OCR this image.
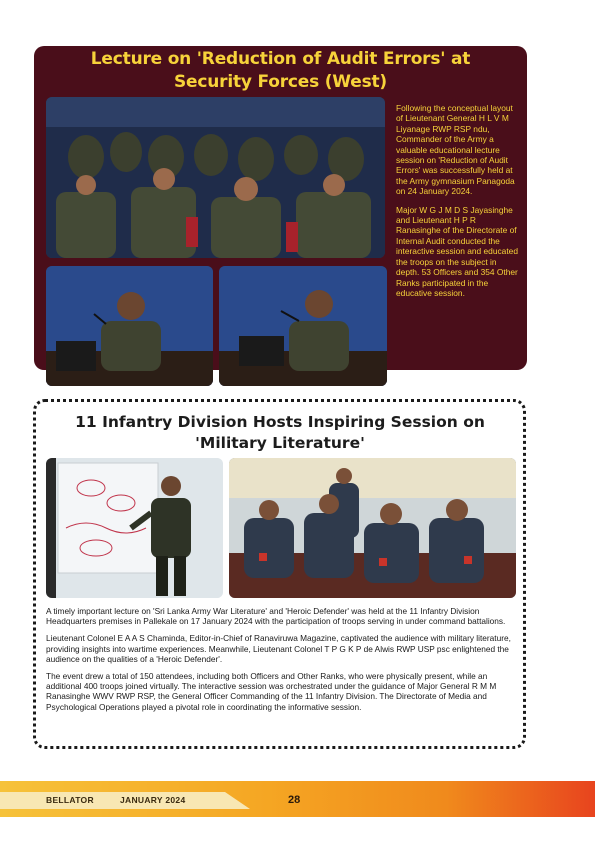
Lecture on 'Reduction of Audit Errors' at
Security Forces (West)

Following the conceptual layout of Lieutenant General H L V M Liyanage RWP RSP ndu, Commander of the Army a valuable educational lecture session on 'Reduction of Audit Errors' was successfully held at the Army gymnasium Panagoda on 24 January 2024.

Major W G J M D S Jayasinghe and Lieutenant H P R Ranasinghe of the Directorate of Internal Audit conducted the interactive session and educated the troops on the subject in depth. 53 Officers and 354 Other Ranks participated in the educative session.

11 Infantry Division Hosts Inspiring Session on
'Military Literature'

A timely important lecture on 'Sri Lanka Army War Literature' and 'Heroic Defender' was held at the 11 Infantry Division Headquarters premises in Pallekale on 17 January 2024 with the participation of troops serving in under command battalions.

Lieutenant Colonel E A A S Chaminda, Editor-in-Chief of Ranaviruwa Magazine, captivated the audience with military literature, providing insights into wartime experiences. Meanwhile, Lieutenant Colonel T P G K P de Alwis RWP USP psc enlightened the audience on the qualities of a 'Heroic Defender'.

The event drew a total of 150 attendees, including both Officers and Other Ranks, who were physically present, while an additional 400 troops joined virtually. The interactive session was orchestrated under the guidance of Major General R M M Ranasinghe WWV RWP RSP, the General Officer Commanding of the 11 Infantry Division. The Directorate of Media and Psychological Operations played a pivotal role in coordinating the informative session.

BELLATOR	JANUARY 2024	28
